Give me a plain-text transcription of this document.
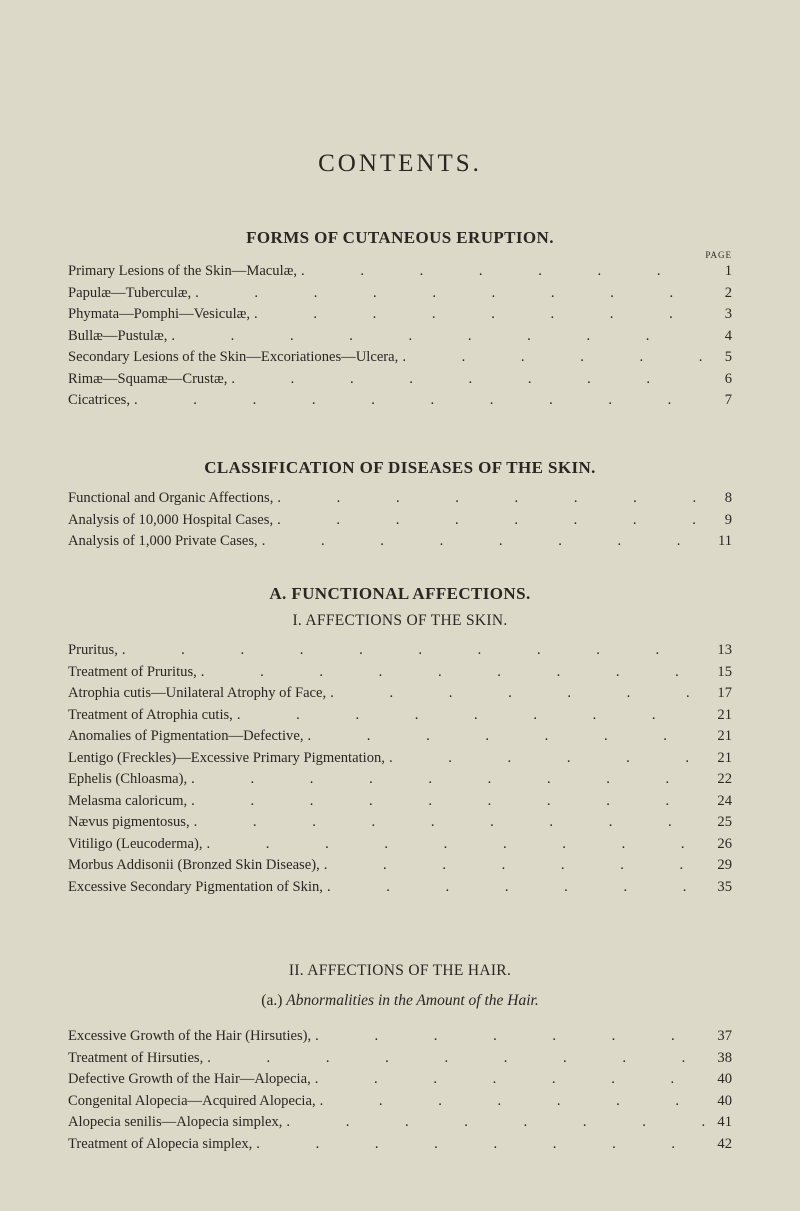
CONTENTS.
FORMS OF CUTANEOUS ERUPTION.
PAGE
Primary Lesions of the Skin—Maculæ, . . .	1
Papulæ—Tuberculæ, . . .	2
Phymata—Pomphi—Vesiculæ, . . .	3
Bullæ—Pustulæ, . . .	4
Secondary Lesions of the Skin—Excoriationes—Ulcera, . . .	5
Rimæ—Squamæ—Crustæ, . . .	6
Cicatrices, . . .	7
CLASSIFICATION OF DISEASES OF THE SKIN.
Functional and Organic Affections, . . .	8
Analysis of 10,000 Hospital Cases, . . .	9
Analysis of 1,000 Private Cases, . . .	11
A. FUNCTIONAL AFFECTIONS.
I. AFFECTIONS OF THE SKIN.
Pruritus, . . .	13
Treatment of Pruritus, . . .	15
Atrophia cutis—Unilateral Atrophy of Face, . . .	17
Treatment of Atrophia cutis, . . .	21
Anomalies of Pigmentation—Defective, . . .	21
Lentigo (Freckles)—Excessive Primary Pigmentation, . . .	21
Ephelis (Chloasma), . . .	22
Melasma caloricum, . . .	24
Nævus pigmentosus, . . .	25
Vitiligo (Leucoderma), . . .	26
Morbus Addisonii (Bronzed Skin Disease), . . .	29
Excessive Secondary Pigmentation of Skin, . . .	35
II. AFFECTIONS OF THE HAIR.
(a.) Abnormalities in the Amount of the Hair.
Excessive Growth of the Hair (Hirsuties), . . .	37
Treatment of Hirsuties, . . .	38
Defective Growth of the Hair—Alopecia, . . .	40
Congenital Alopecia—Acquired Alopecia, . . .	40
Alopecia senilis—Alopecia simplex, . . .	41
Treatment of Alopecia simplex, . . .	42
